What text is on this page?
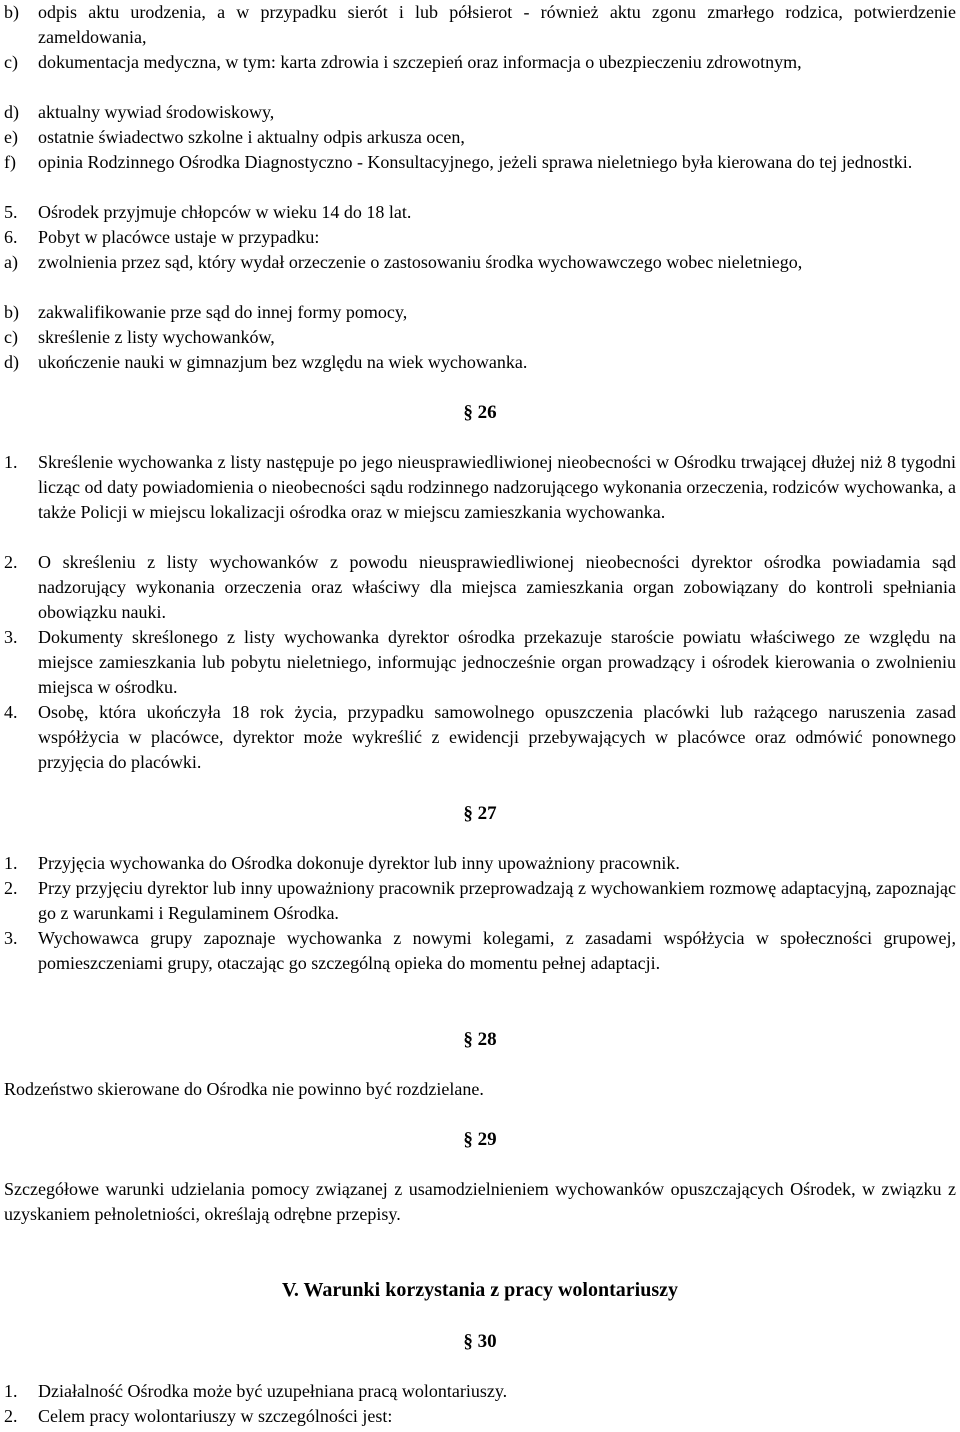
b) odpis aktu urodzenia, a w przypadku sierót i lub półsierot - również aktu zgonu zmarłego rodzica, potwierdzenie zameldowania,
c) dokumentacja medyczna, w tym: karta zdrowia i szczepień oraz informacja o ubezpieczeniu zdrowotnym,
d) aktualny wywiad środowiskowy,
e) ostatnie świadectwo szkolne i aktualny odpis arkusza ocen,
f) opinia Rodzinnego Ośrodka Diagnostyczno - Konsultacyjnego, jeżeli sprawa nieletniego była kierowana do tej jednostki.
5. Ośrodek przyjmuje chłopców w wieku 14 do 18 lat.
6. Pobyt w placówce ustaje w przypadku:
a) zwolnienia przez sąd, który wydał orzeczenie o zastosowaniu środka wychowawczego wobec nieletniego,
b) zakwalifikowanie prze sąd do innej formy pomocy,
c) skreślenie z listy wychowanków,
d) ukończenie nauki w gimnazjum bez względu na wiek wychowanka.
§ 26
1. Skreślenie wychowanka z listy następuje po jego nieusprawiedliwionej nieobecności w Ośrodku trwającej dłużej niż 8 tygodni licząc od daty powiadomienia o nieobecności sądu rodzinnego nadzorującego wykonania orzeczenia, rodziców wychowanka, a także Policji w miejscu lokalizacji ośrodka oraz w miejscu zamieszkania wychowanka.
2. O skreśleniu z listy wychowanków z powodu nieusprawiedliwionej nieobecności dyrektor ośrodka powiadamia sąd nadzorujący wykonania orzeczenia oraz właściwy dla miejsca zamieszkania organ zobowiązany do kontroli spełniania obowiązku nauki.
3. Dokumenty skreślonego z listy wychowanka dyrektor ośrodka przekazuje staroście powiatu właściwego ze względu na miejsce zamieszkania lub pobytu nieletniego, informując jednocześnie organ prowadzący i ośrodek kierowania o zwolnieniu miejsca w ośrodku.
4. Osobę, która ukończyła 18 rok życia, przypadku samowolnego opuszczenia placówki lub rażącego naruszenia zasad współżycia w placówce, dyrektor może wykreślić z ewidencji przebywających w placówce oraz odmówić ponownego przyjęcia do placówki.
§ 27
1. Przyjęcia wychowanka do Ośrodka dokonuje dyrektor lub inny upoważniony pracownik.
2. Przy przyjęciu dyrektor lub inny upoważniony pracownik przeprowadzają z wychowankiem rozmowę adaptacyjną, zapoznając go z warunkami i Regulaminem Ośrodka.
3. Wychowawca grupy zapoznaje wychowanka z nowymi kolegami, z zasadami współżycia w społeczności grupowej, pomieszczeniami grupy, otaczając go szczególną opieka do momentu pełnej adaptacji.
§ 28
Rodzeństwo skierowane do Ośrodka nie powinno być rozdzielane.
§ 29
Szczegółowe warunki udzielania pomocy związanej z usamodzielnieniem wychowanków opuszczających Ośrodek, w związku z uzyskaniem pełnoletniości, określają odrębne przepisy.
V. Warunki korzystania z pracy wolontariuszy
§ 30
1. Działalność Ośrodka może być uzupełniana pracą wolontariuszy.
2. Celem pracy wolontariuszy w szczególności jest:
